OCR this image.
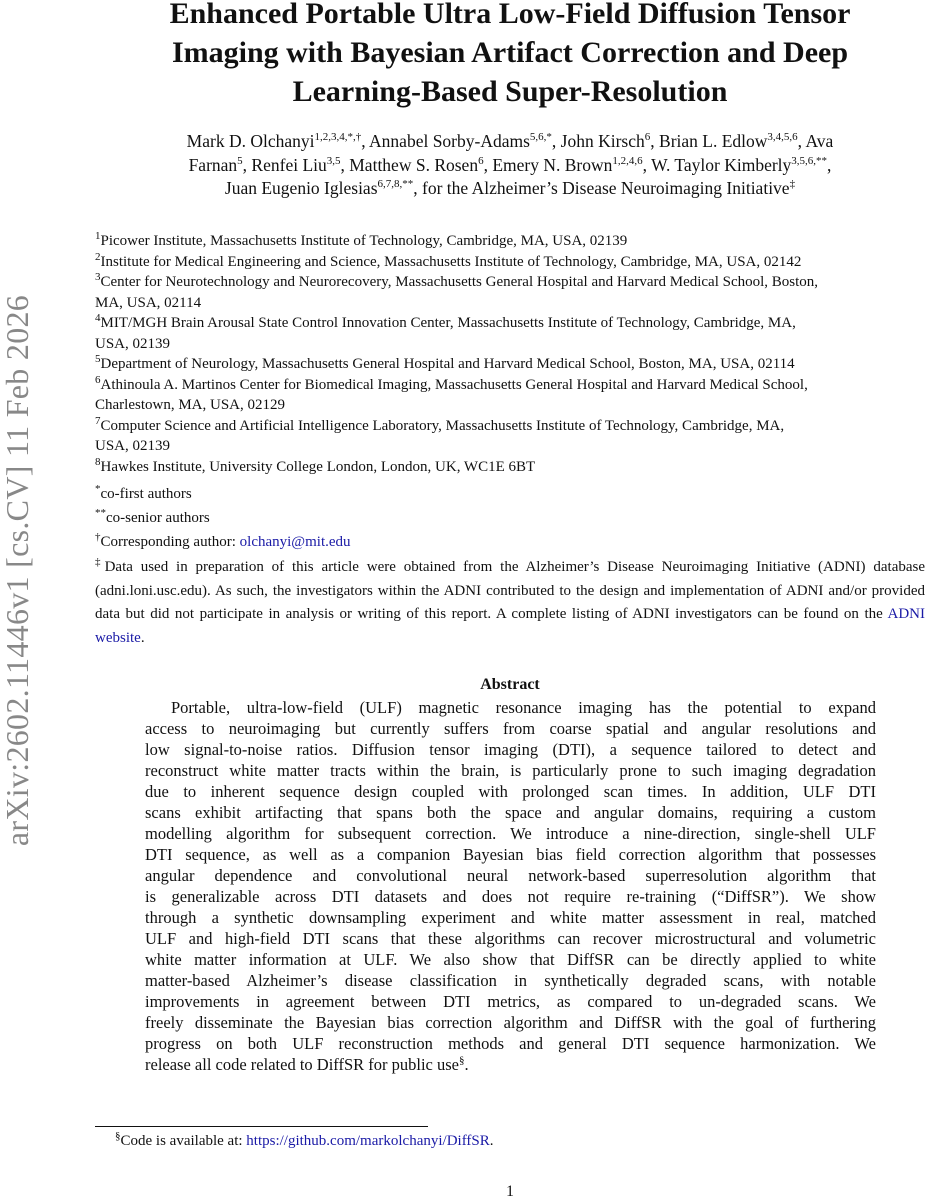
arXiv:2602.11446v1 [cs.CV] 11 Feb 2026
Enhanced Portable Ultra Low-Field Diffusion Tensor
Imaging with Bayesian Artifact Correction and Deep
Learning-Based Super-Resolution
Mark D. Olchanyi$^{1,2,3,4,*,\dagger}$, Annabel Sorby-Adams$^{5,6,*}$, John Kirsch$^6$, Brian L. Edlow$^{3,4,5,6}$, Ava
Farnan$^5$, Renfei Liu$^{3,5}$, Matthew S. Rosen$^6$, Emery N. Brown$^{1,2,4,6}$, W. Taylor Kimberly$^{3,5,6,**}$,
Juan Eugenio Iglesias$^{6,7,8,**}$, for the Alzheimer’s Disease Neuroimaging Initiative‡
$^1$Picower Institute, Massachusetts Institute of Technology, Cambridge, MA, USA, 02139
$^2$Institute for Medical Engineering and Science, Massachusetts Institute of Technology, Cambridge, MA, USA, 02142
$^3$Center for Neurotechnology and Neurorecovery, Massachusetts General Hospital and Harvard Medical School, Boston,
MA, USA, 02114
$^4$MIT/MGH Brain Arousal State Control Innovation Center, Massachusetts Institute of Technology, Cambridge, MA,
USA, 02139
$^5$Department of Neurology, Massachusetts General Hospital and Harvard Medical School, Boston, MA, USA, 02114
$^6$Athinoula A. Martinos Center for Biomedical Imaging, Massachusetts General Hospital and Harvard Medical School,
Charlestown, MA, USA, 02129
$^7$Computer Science and Artificial Intelligence Laboratory, Massachusetts Institute of Technology, Cambridge, MA,
USA, 02139
$^8$Hawkes Institute, University College London, London, UK, WC1E 6BT
*co-first authors
**co-senior authors
†Corresponding author: olchanyi@mit.edu
‡Data used in preparation of this article were obtained from the Alzheimer’s Disease Neuroimaging Initiative (ADNI) database (adni.loni.usc.edu). As such, the investigators within the ADNI contributed to the design and implementation of ADNI and/or provided data but did not participate in analysis or writing of this report. A complete listing of ADNI investigators can be found on the ADNI website.
Abstract
Portable, ultra-low-field (ULF) magnetic resonance imaging has the potential to expand
access to neuroimaging but currently suffers from coarse spatial and angular resolutions and
low signal-to-noise ratios. Diffusion tensor imaging (DTI), a sequence tailored to detect and
reconstruct white matter tracts within the brain, is particularly prone to such imaging degradation
due to inherent sequence design coupled with prolonged scan times. In addition, ULF DTI
scans exhibit artifacting that spans both the space and angular domains, requiring a custom
modelling algorithm for subsequent correction. We introduce a nine-direction, single-shell ULF
DTI sequence, as well as a companion Bayesian bias field correction algorithm that possesses
angular dependence and convolutional neural network-based superresolution algorithm that
is generalizable across DTI datasets and does not require re-training (“DiffSR”). We show
through a synthetic downsampling experiment and white matter assessment in real, matched
ULF and high-field DTI scans that these algorithms can recover microstructural and volumetric
white matter information at ULF. We also show that DiffSR can be directly applied to white
matter-based Alzheimer’s disease classification in synthetically degraded scans, with notable
improvements in agreement between DTI metrics, as compared to un-degraded scans. We
freely disseminate the Bayesian bias correction algorithm and DiffSR with the goal of furthering
progress on both ULF reconstruction methods and general DTI sequence harmonization. We
release all code related to DiffSR for public use§.
§Code is available at: https://github.com/markolchanyi/DiffSR.
1
